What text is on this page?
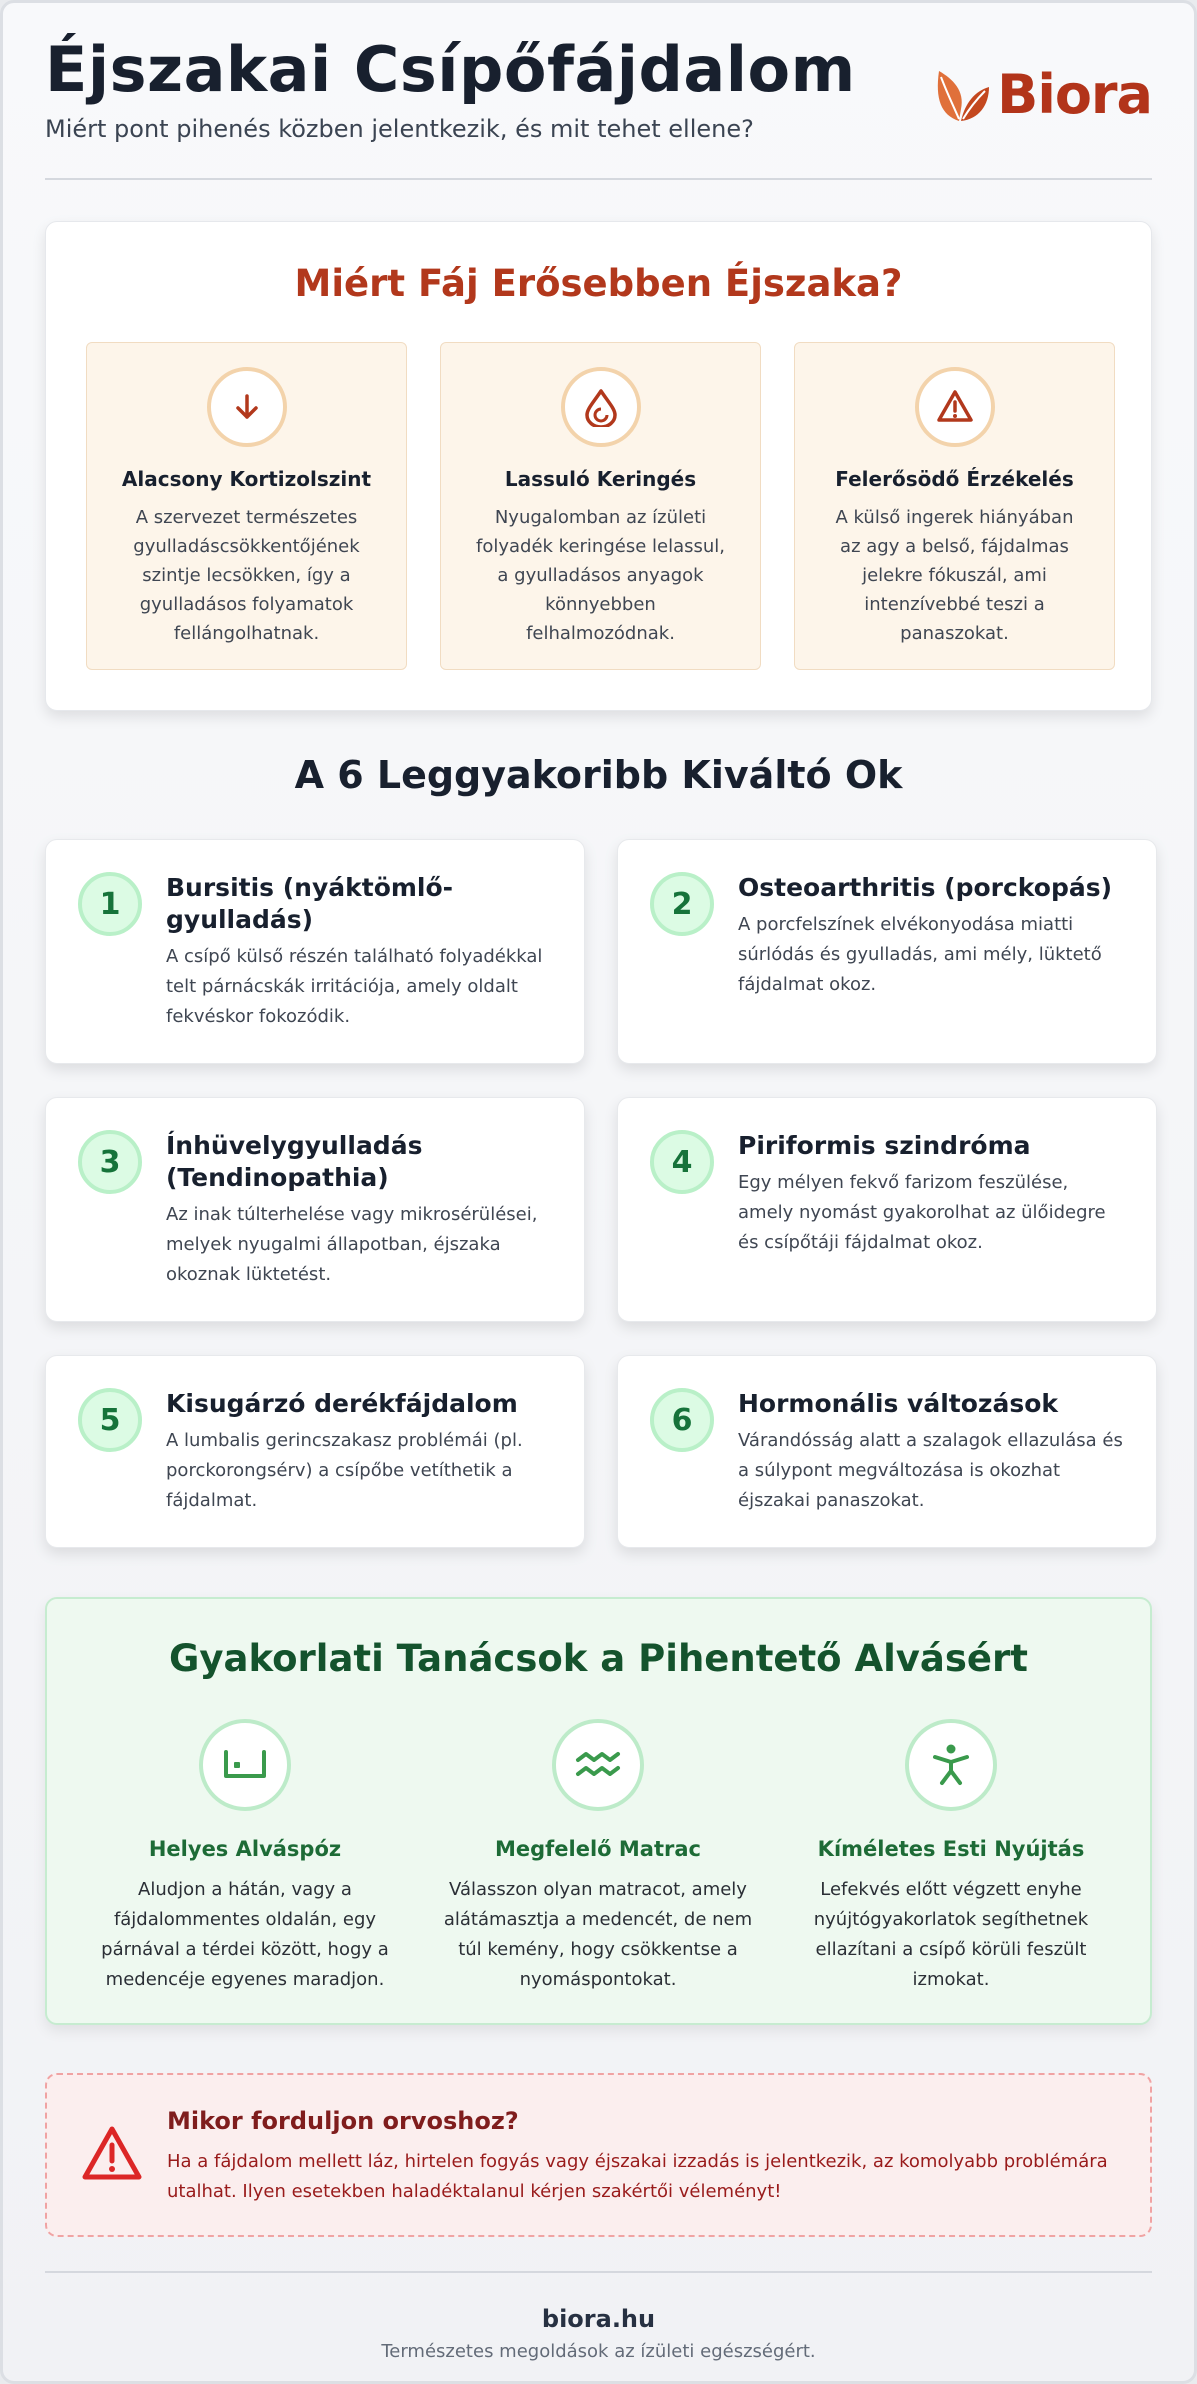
Éjszakai Csípőfájdalom
Miért pont pihenés közben jelentkezik, és mit tehet ellene?
Biora
Miért Fáj Erősebben Éjszaka?
Alacsony Kortizolszint

A szervezet természetes gyulladáscsökkentőjének szintje lecsökken, így a gyulladásos folyamatok fellángolhatnak.

Lassuló Keringés

Nyugalomban az ízületi folyadék keringése lelassul, a gyulladásos anyagok könnyebben felhalmozódnak.

Felerősödő Érzékelés

A külső ingerek hiányában az agy a belső, fájdalmas jelekre fókuszál, ami intenzívebbé teszi a panaszokat.

A 6 Leggyakoribb Kiváltó Ok
1	Bursitis (nyáktömlő-gyulladás)

A csípő külső részén található folyadékkal telt párnácskák irritációja, amely oldalt fekvéskor fokozódik.

2	Osteoarthritis (porckopás)

A porcfelszínek elvékonyodása miatti súrlódás és gyulladás, ami mély, lüktető fájdalmat okoz.

3	Ínhüvelygyulladás (Tendinopathia)

Az inak túlterhelése vagy mikrosérülései, melyek nyugalmi állapotban, éjszaka okoznak lüktetést.

4	Piriformis szindróma

Egy mélyen fekvő farizom feszülése, amely nyomást gyakorolhat az ülőidegre és csípőtáji fájdalmat okoz.

5	Kisugárzó derékfájdalom

A lumbalis gerincszakasz problémái (pl. porckorongsérv) a csípőbe vetíthetik a fájdalmat.

6	Hormonális változások

Várandósság alatt a szalagok ellazulása és a súlypont megváltozása is okozhat éjszakai panaszokat.

Gyakorlati Tanácsok a Pihentető Alvásért
Helyes Alváspóz

Aludjon a hátán, vagy a fájdalommentes oldalán, egy párnával a térdei között, hogy a medencéje egyenes maradjon.

Megfelelő Matrac

Válasszon olyan matracot, amely alátámasztja a medencét, de nem túl kemény, hogy csökkentse a nyomáspontokat.

Kíméletes Esti Nyújtás

Lefekvés előtt végzett enyhe nyújtógyakorlatok segíthetnek ellazítani a csípő körüli feszült izmokat.

Mikor forduljon orvoshoz?

Ha a fájdalom mellett láz, hirtelen fogyás vagy éjszakai izzadás is jelentkezik, az komolyabb problémára utalhat. Ilyen esetekben haladéktalanul kérjen szakértői véleményt!

biora.hu
Természetes megoldások az ízületi egészségért.
